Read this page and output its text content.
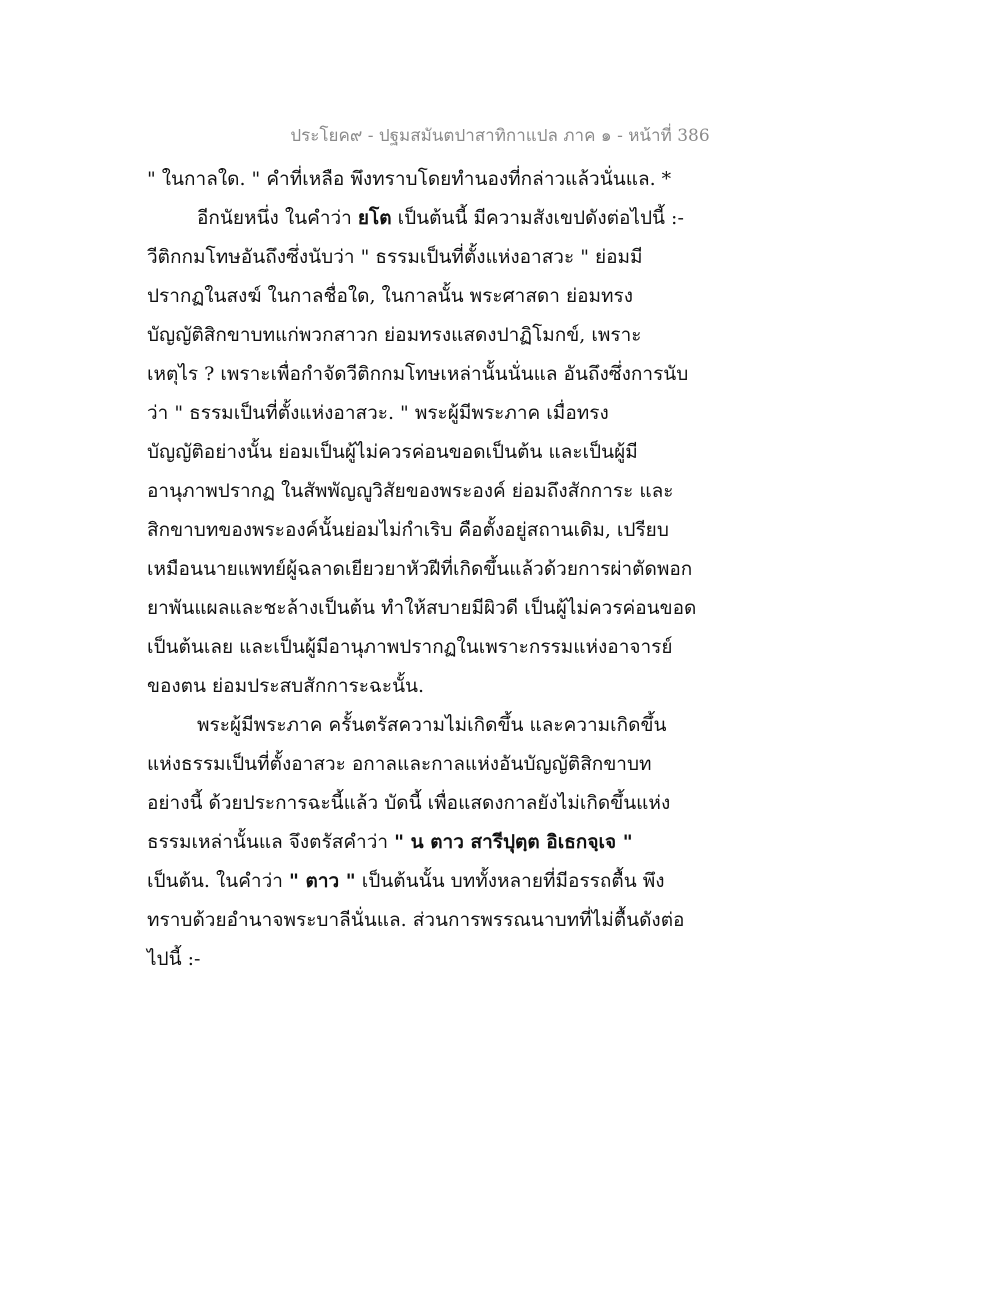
ประโยค๙ - ปฐมสมันตปาสาทิกาแปล ภาค ๑ - หน้าที่ 386
" ในกาลใด. " คำที่เหลือ พึงทราบโดยทำนองที่กล่าวแล้วนั่นแล. *
อีกนัยหนึ่ง ในคำว่า ยโต เป็นต้นนี้ มีความสังเขปดังต่อไปนี้ :-
วีติกกมโทษอันถึงซึ่งนับว่า " ธรรมเป็นที่ตั้งแห่งอาสวะ " ย่อมมี
ปรากฏในสงฆ์ ในกาลชื่อใด, ในกาลนั้น พระศาสดา ย่อมทรง
บัญญัติสิกขาบทแก่พวกสาวก ย่อมทรงแสดงปาฏิโมกข์, เพราะ
เหตุไร ? เพราะเพื่อกำจัดวีติกกมโทษเหล่านั้นนั่นแล อันถึงซึ่งการนับ
ว่า " ธรรมเป็นที่ตั้งแห่งอาสวะ. " พระผู้มีพระภาค เมื่อทรง
บัญญัติอย่างนั้น ย่อมเป็นผู้ไม่ควรค่อนขอดเป็นต้น และเป็นผู้มี
อานุภาพปรากฏ ในสัพพัญญูวิสัยของพระองค์ ย่อมถึงสักการะ และ
สิกขาบทของพระองค์นั้นย่อมไม่กำเริบ คือตั้งอยู่สถานเดิม, เปรียบ
เหมือนนายแพทย์ผู้ฉลาดเยียวยาหัวฝีที่เกิดขึ้นแล้วด้วยการผ่าตัดพอก
ยาพันแผลและชะล้างเป็นต้น ทำให้สบายมีผิวดี เป็นผู้ไม่ควรค่อนขอด
เป็นต้นเลย และเป็นผู้มีอานุภาพปรากฏในเพราะกรรมแห่งอาจารย์
ของตน ย่อมประสบสักการะฉะนั้น.
พระผู้มีพระภาค ครั้นตรัสความไม่เกิดขึ้น และความเกิดขึ้น
แห่งธรรมเป็นที่ตั้งอาสวะ อกาลและกาลแห่งอันบัญญัติสิกขาบท
อย่างนี้ ด้วยประการฉะนี้แล้ว บัดนี้ เพื่อแสดงกาลยังไม่เกิดขึ้นแห่ง
ธรรมเหล่านั้นแล จึงตรัสคำว่า " น ตาว สารีปุตฺต อิเธกจฺเจ "
เป็นต้น. ในคำว่า " ตาว " เป็นต้นนั้น บททั้งหลายที่มีอรรถตื้น พึง
ทราบด้วยอำนาจพระบาลีนั่นแล. ส่วนการพรรณนาบทที่ไม่ตื้นดังต่อ
ไปนี้ :-
